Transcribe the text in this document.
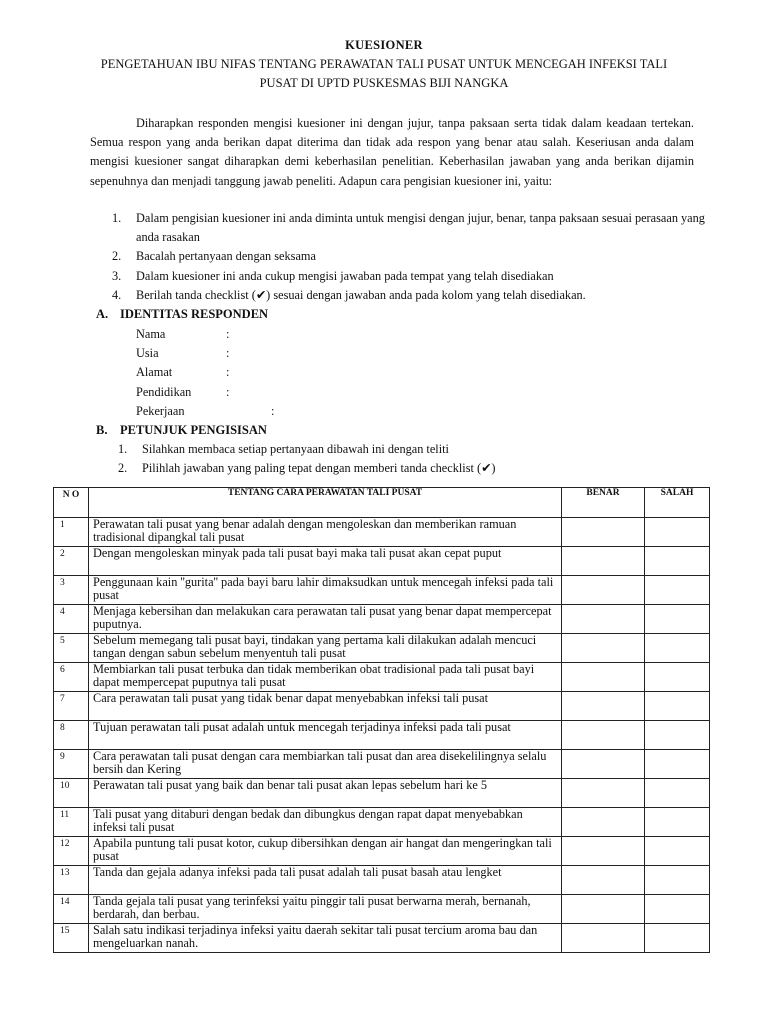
KUESIONER
PENGETAHUAN IBU NIFAS TENTANG PERAWATAN TALI PUSAT UNTUK MENCEGAH INFEKSI TALI
PUSAT DI UPTD PUSKESMAS BIJI NANGKA
Diharapkan responden mengisi kuesioner ini dengan jujur, tanpa paksaan serta tidak dalam keadaan tertekan. Semua respon yang anda berikan dapat diterima dan tidak ada respon yang benar atau salah. Keseriusan anda dalam mengisi kuesioner sangat diharapkan demi keberhasilan penelitian. Keberhasilan jawaban yang anda berikan dijamin sepenuhnya dan menjadi tanggung jawab peneliti. Adapun cara pengisian kuesioner ini, yaitu:
1. Dalam pengisian kuesioner ini anda diminta untuk mengisi dengan jujur, benar, tanpa paksaan sesuai perasaan yang anda rasakan
2. Bacalah pertanyaan dengan seksama
3. Dalam kuesioner ini anda cukup mengisi jawaban pada tempat yang telah disediakan
4. Berilah tanda checklist (✔) sesuai dengan jawaban anda pada kolom yang telah disediakan.
A. IDENTITAS RESPONDEN
Nama	:
Usia	:
Alamat	:
Pendidikan	:
Pekerjaan	:
B. PETUNJUK PENGISISAN
1. Silahkan membaca setiap pertanyaan dibawah ini dengan teliti
2. Pilihlah jawaban yang paling tepat dengan memberi tanda checklist (✔)
N O	TENTANG CARA PERAWATAN TALI PUSAT	BENAR	SALAH
1	Perawatan tali pusat yang benar adalah dengan mengoleskan dan memberikan ramuan tradisional dipangkal tali pusat		
2	Dengan mengoleskan minyak pada tali pusat bayi maka tali pusat akan cepat puput		
3	Penggunaan kain ''gurita'' pada bayi baru lahir dimaksudkan untuk mencegah infeksi pada tali pusat		
4	Menjaga kebersihan dan melakukan cara perawatan tali pusat yang benar dapat mempercepat puputnya.		
5	Sebelum memegang tali pusat bayi, tindakan yang pertama kali dilakukan adalah mencuci tangan dengan sabun sebelum menyentuh tali pusat		
6	Membiarkan tali pusat terbuka dan tidak memberikan obat tradisional pada tali pusat bayi dapat mempercepat puputnya tali pusat		
7	Cara perawatan tali pusat yang tidak benar dapat menyebabkan infeksi tali pusat		
8	Tujuan perawatan tali pusat adalah untuk mencegah terjadinya infeksi pada tali pusat		
9	Cara perawatan tali pusat dengan cara membiarkan tali pusat dan area disekelilingnya selalu bersih dan Kering		
10	Perawatan tali pusat yang baik dan benar tali pusat akan lepas sebelum hari ke 5		
11	Tali pusat yang ditaburi dengan bedak dan dibungkus dengan rapat dapat menyebabkan infeksi tali pusat		
12	Apabila puntung tali pusat kotor, cukup dibersihkan dengan air hangat dan mengeringkan tali pusat		
13	Tanda dan gejala adanya infeksi pada tali pusat adalah tali pusat basah atau lengket		
14	Tanda gejala tali pusat yang terinfeksi yaitu pinggir tali pusat berwarna merah, bernanah, berdarah, dan berbau.		
15	Salah satu indikasi terjadinya infeksi yaitu daerah sekitar tali pusat tercium aroma bau dan mengeluarkan nanah.		
